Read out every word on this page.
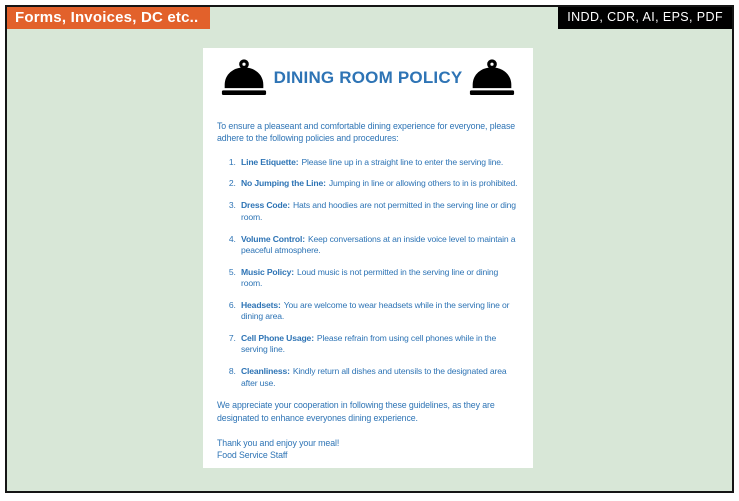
Forms, Invoices, DC etc..	INDD, CDR, AI, EPS, PDF
DINING ROOM POLICY

To ensure a pleaseant and comfortable dining experience for everyone, please adhere to the following policies and procedures:

1. Line Etiquette: Please line up in a straight line to enter the serving line.
2. No Jumping the Line: Jumping in line or allowing others to in is prohibited.
3. Dress Code: Hats and hoodies are not permitted in the serving line or ding room.
4. Volume Control: Keep conversations at an inside voice level to maintain a peaceful atmosphere.
5. Music Policy: Loud music is not permitted in the serving line or dining room.
6. Headsets: You are welcome to wear headsets while in the serving line or dining area.
7. Cell Phone Usage: Please refrain from using cell phones while in the serving line.
8. Cleanliness: Kindly return all dishes and utensils to the designated area after use.

We appreciate your cooperation in following these guidelines, as they are designated to enhance everyones dining experience.

Thank you and enjoy your meal!
Food Service Staff
